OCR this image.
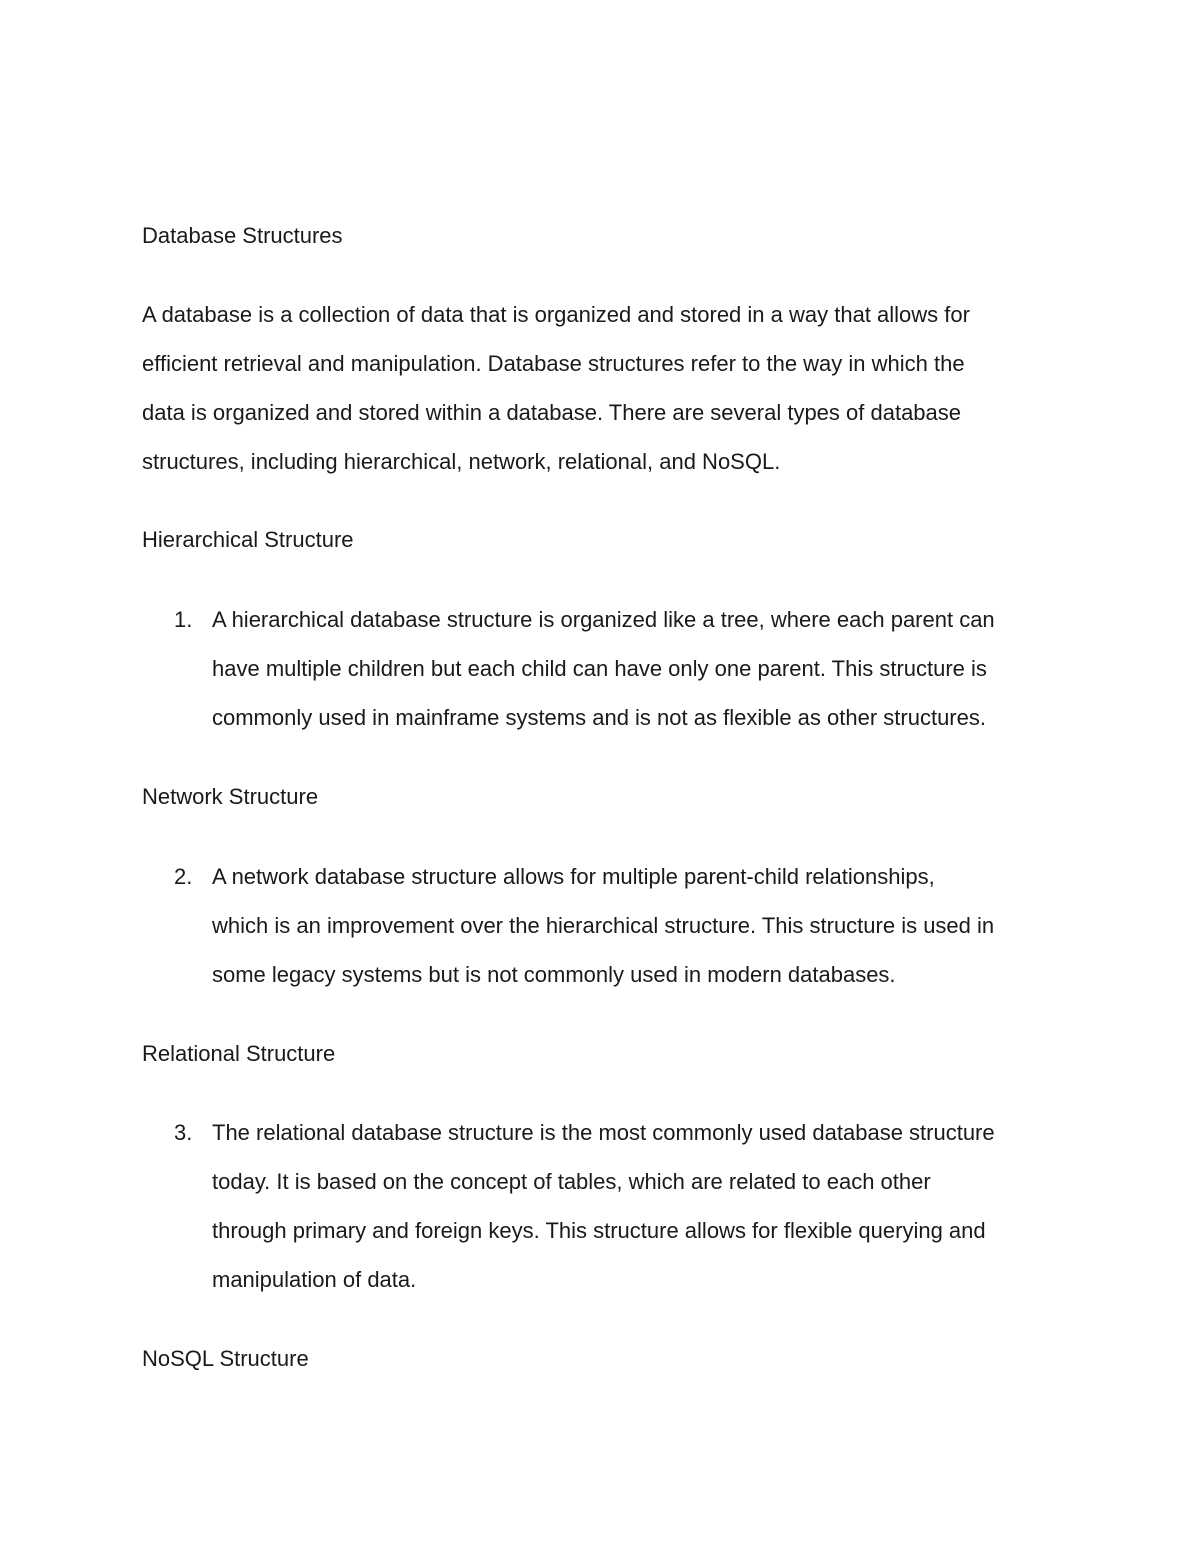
Database Structures

A database is a collection of data that is organized and stored in a way that allows for
efficient retrieval and manipulation. Database structures refer to the way in which the
data is organized and stored within a database. There are several types of database
structures, including hierarchical, network, relational, and NoSQL.

Hierarchical Structure

1. A hierarchical database structure is organized like a tree, where each parent can
have multiple children but each child can have only one parent. This structure is
commonly used in mainframe systems and is not as flexible as other structures.

Network Structure

2. A network database structure allows for multiple parent-child relationships,
which is an improvement over the hierarchical structure. This structure is used in
some legacy systems but is not commonly used in modern databases.

Relational Structure

3. The relational database structure is the most commonly used database structure
today. It is based on the concept of tables, which are related to each other
through primary and foreign keys. This structure allows for flexible querying and
manipulation of data.

NoSQL Structure
